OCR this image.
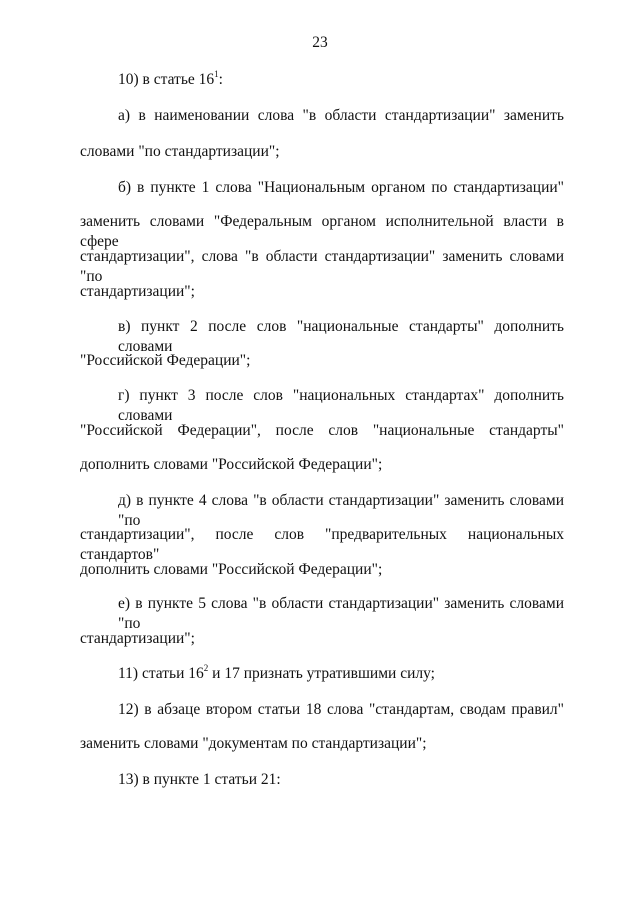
23
10) в статье $16^1$:
а) в наименовании слова "в области стандартизации" заменить
словами "по стандартизации";
б) в пункте 1 слова "Национальным органом по стандартизации"
заменить словами "Федеральным органом исполнительной власти в сфере
стандартизации", слова "в области стандартизации" заменить словами "по
стандартизации";
в) пункт 2 после слов "национальные стандарты" дополнить словами
"Российской Федерации";
г) пункт 3 после слов "национальных стандартах" дополнить словами
"Российской Федерации", после слов "национальные стандарты"
дополнить словами "Российской Федерации";
д) в пункте 4 слова "в области стандартизации" заменить словами "по
стандартизации", после слов "предварительных национальных стандартов"
дополнить словами "Российской Федерации";
е) в пункте 5 слова "в области стандартизации" заменить словами "по
стандартизации";
11) статьи $16^2$ и 17 признать утратившими силу;
12) в абзаце втором статьи 18 слова "стандартам, сводам правил"
заменить словами "документам по стандартизации";
13) в пункте 1 статьи 21:
